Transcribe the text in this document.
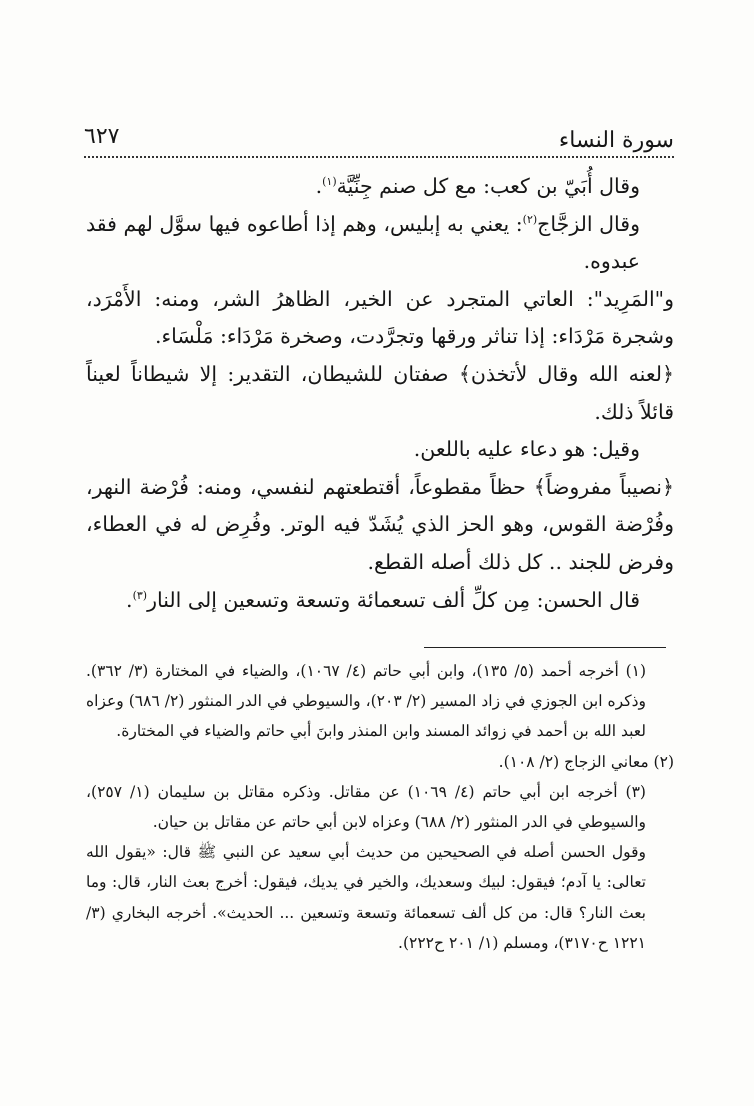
سورة النساء
٦٢٧

وقال أُبَيّ بن كعب: مع كل صنم جِنِّيَّة$^{(١)}$.

وقال الزجَّاج$^{(٢)}$: يعني به إبليس، وهم إذا أطاعوه فيها سوَّل لهم فقد عبدوه.

و"المَرِيد": العاتي المتجرد عن الخير، الظاهرُ الشر، ومنه: الأَمْرَد، وشجرة مَرْدَاء: إذا تناثر ورقها وتجرَّدت، وصخرة مَرْدَاء: مَلْسَاء.

﴿لعنه الله وقال لأتخذن﴾ صفتان للشيطان، التقدير: إلا شيطاناً لعيناً قائلاً ذلك.

وقيل: هو دعاء عليه باللعن.

﴿نصيباً مفروضاً﴾ حظاً مقطوعاً، أقتطعتهم لنفسي، ومنه: فُرْضة النهر، وفُرْضة القوس، وهو الحز الذي يُشَدّ فيه الوتر. وفُرِض له في العطاء، وفرض للجند .. كل ذلك أصله القطع.

قال الحسن: مِن كلِّ ألف تسعمائة وتسعة وتسعين إلى النار$^{(٣)}$.

(١) أخرجه أحمد (٥/ ١٣٥)، وابن أبي حاتم (٤/ ١٠٦٧)، والضياء في المختارة (٣/ ٣٦٢). وذكره ابن الجوزي في زاد المسير (٢/ ٢٠٣)، والسيوطي في الدر المنثور (٢/ ٦٨٦) وعزاه لعبد الله بن أحمد في زوائد المسند وابن المنذر وابنَ أبي حاتم والضياء في المختارة.

(٢) معاني الزجاج (٢/ ١٠٨).

(٣) أخرجه ابن أبي حاتم (٤/ ١٠٦٩) عن مقاتل. وذكره مقاتل بن سليمان (١/ ٢٥٧)، والسيوطي في الدر المنثور (٢/ ٦٨٨) وعزاه لابن أبي حاتم عن مقاتل بن حيان.

وقول الحسن أصله في الصحيحين من حديث أبي سعيد عن النبي ﷺ قال: «يقول الله تعالى: يا آدم؛ فيقول: لبيك وسعديك، والخير في يديك، فيقول: أخرج بعث النار، قال: وما بعث النار؟ قال: من كل ألف تسعمائة وتسعة وتسعين ... الحديث». أخرجه البخاري (٣/ ١٢٢١ ح٣١٧٠)، ومسلم (١/ ٢٠١ ح٢٢٢).
